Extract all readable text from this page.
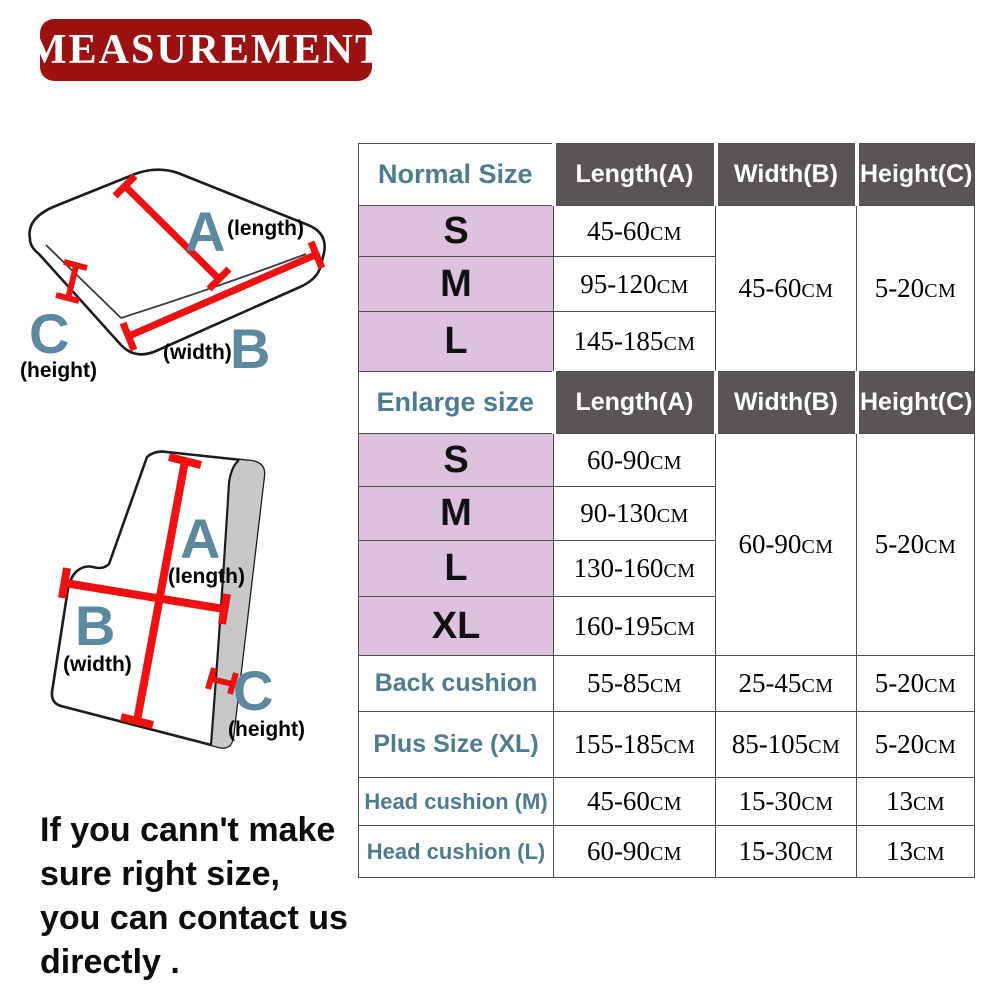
MEASUREMENT
A (length)
B
(width)
C
(height)
A
(length)
B
(width) C
(height)
Normal Size	Length(A)	Width(B)	Height(C)
S	45-60CM	45-60CM	5-20CM
M	95-120CM		
L	145-185CM		
Enlarge size	Length(A)	Width(B)	Height(C)
S	60-90CM	60-90CM	5-20CM
M	90-130CM		
L	130-160CM		
XL	160-195CM		
Back cushion	55-85CM	25-45CM	5-20CM
Plus Size (XL)	155-185CM	85-105CM	5-20CM
Head cushion (M)	45-60CM	15-30CM	13CM
Head cushion (L)	60-90CM	15-30CM	13CM
If you cann't make
sure right size,
you can contact us
directly .
